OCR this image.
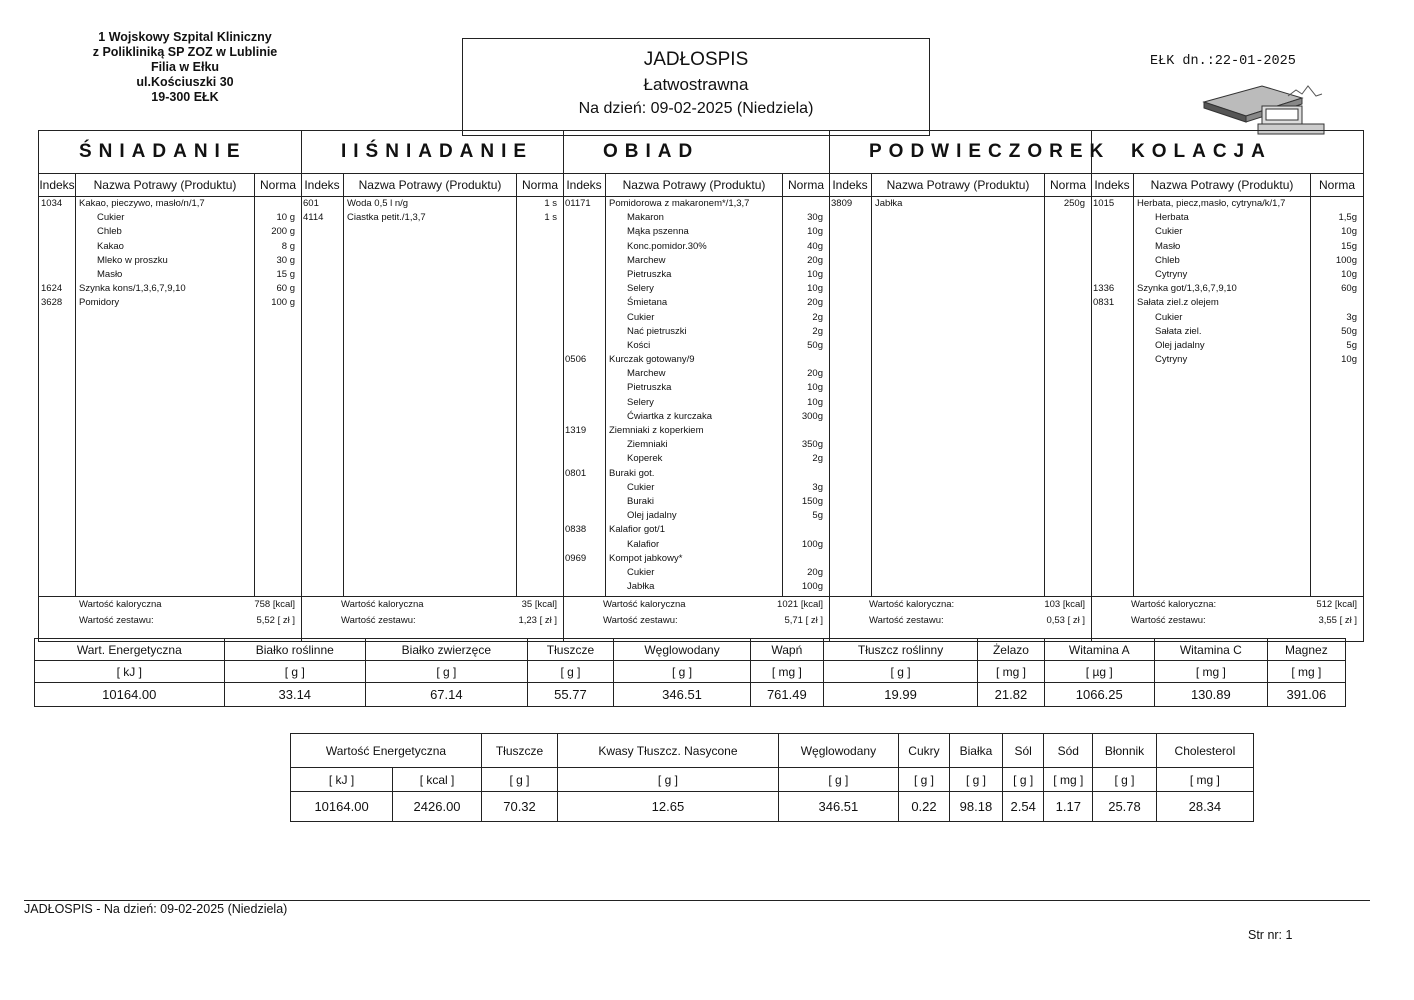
1 Wojskowy Szpital Kliniczny
z Polikliniką SP ZOZ w Lublinie
Filia w Ełku
ul.Kościuszki 30
19-300 EŁK
JADŁOSPIS
Łatwostrawna
Na dzień: 09-02-2025 (Niedziela)
EŁK dn.:22-01-2025
ŚNIADANIE
Indeks	Nazwa Potrawy (Produktu)	Norma
1034 Kakao, pieczywo, masło/n/1,7
Cukier	10 g
Chleb	200 g
Kakao	8 g
Mleko w proszku	30 g
Masło	15 g
1624 Szynka kons/1,3,6,7,9,10	60 g
3628 Pomidory	100 g
Wartość kaloryczna	758 [kcal]
Wartość zestawu:	5,52 [ zł ]
IIŚNIADANIE
Indeks	Nazwa Potrawy (Produktu)	Norma
601	Woda 0,5 l n/g	1 s
4114 Ciastka petit./1,3,7	1 s
Wartość kaloryczna	35 [kcal]
Wartość zestawu:	1,23 [ zł ]
OBIAD
Indeks	Nazwa Potrawy (Produktu)	Norma
01171 Pomidorowa z makaronem*/1,3,7
Makaron	30g
Mąka pszenna	10g
Konc.pomidor.30%	40g
Marchew	20g
Pietruszka	10g
Selery	10g
Śmietana	20g
Cukier	2g
Nać pietruszki	2g
Kości	50g
0506 Kurczak gotowany/9
Marchew	20g
Pietruszka	10g
Selery	10g
Ćwiartka z kurczaka	300g
1319 Ziemniaki z koperkiem
Ziemniaki	350g
Koperek	2g
0801 Buraki got.
Cukier	3g
Buraki	150g
Olej jadalny	5g
0838 Kalafior got/1
Kalafior	100g
0969 Kompot jabkowy*
Cukier	20g
Jabłka	100g
Wartość kaloryczna	1021 [kcal]
Wartość zestawu:	5,71 [ zł ]
PODWIECZOREK
Indeks	Nazwa Potrawy (Produktu)	Norma
3809 Jabłka	250g
Wartość kaloryczna:	103 [kcal]
Wartość zestawu:	0,53 [ zł ]
KOLACJA
Indeks	Nazwa Potrawy (Produktu)	Norma
1015 Herbata, piecz,masło, cytryna/k/1,7
Herbata	1,5g
Cukier	10g
Masło	15g
Chleb	100g
Cytryny	10g
1336 Szynka got/1,3,6,7,9,10	60g
0831 Sałata ziel.z olejem
Cukier	3g
Sałata ziel.	50g
Olej jadalny	5g
Cytryny	10g
Wartość kaloryczna:	512 [kcal]
Wartość zestawu:	3,55 [ zł ]
Wart. Energetyczna	Białko roślinne	Białko zwierzęce	Tłuszcze	Węglowodany	Wapń	Tłuszcz roślinny	Żelazo	Witamina A	Witamina C	Magnez
[ kJ ]	[ g ]	[ g ]	[ g ]	[ g ]	[ mg ]	[ g ]	[ mg ]	[ µg ]	[ mg ]	[ mg ]
10164.00	33.14	67.14	55.77	346.51	761.49	19.99	21.82	1066.25	130.89	391.06
Wartość Energetyczna		Tłuszcze	Kwasy Tłuszcz. Nasycone	Węglowodany	Cukry	Białka	Sól	Sód	Błonnik	Cholesterol
[ kJ ]	[ kcal ]	[ g ]	[ g ]	[ g ]	[ g ]	[ g ]	[ g ]	[ mg ]	[ g ]	[ mg ]
10164.00	2426.00	70.32	12.65	346.51	0.22	98.18	2.54	1.17	25.78	28.34
JADŁOSPIS - Na dzień: 09-02-2025 (Niedziela)
Str nr: 1
